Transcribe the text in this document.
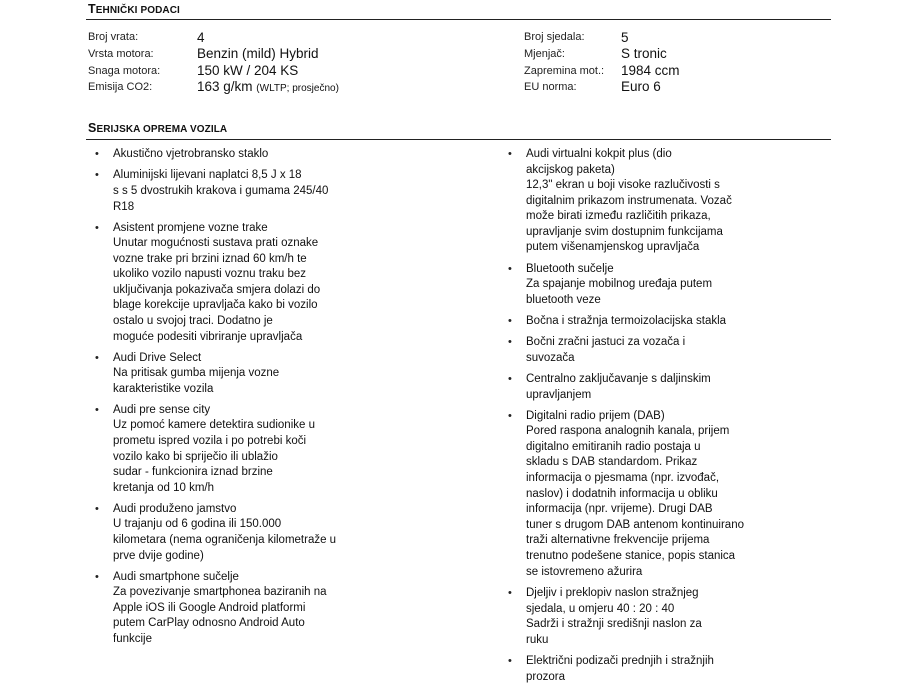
TEHNIČKI PODACI
Broj vrata:
Vrsta motora:
Snaga motora:
Emisija CO2:
4
Benzin (mild) Hybrid
150 kW / 204 KS
163 g/km (WLTP; prosječno)
Broj sjedala:
Mjenjač:
Zapremina mot.:
EU norma:
5
S tronic
1984 ccm
Euro 6
SERIJSKA OPREMA VOZILA
• Akustično vjetrobransko staklo
• Aluminijski lijevani naplatci 8,5 J x 18
s s 5 dvostrukih krakova i gumama 245/40
R18
• Asistent promjene vozne trake
Unutar mogućnosti sustava prati oznake
vozne trake pri brzini iznad 60 km/h te
ukoliko vozilo napusti voznu traku bez
uključivanja pokazivača smjera dolazi do
blage korekcije upravljača kako bi vozilo
ostalo u svojoj traci. Dodatno je
moguće podesiti vibriranje upravljača
• Audi Drive Select
Na pritisak gumba mijenja vozne
karakteristike vozila
• Audi pre sense city
Uz pomoć kamere detektira sudionike u
prometu ispred vozila i po potrebi koči
vozilo kako bi spriječio ili ublažio
sudar - funkcionira iznad brzine
kretanja od 10 km/h
• Audi produženo jamstvo
U trajanju od 6 godina ili 150.000
kilometara (nema ograničenja kilometraže u
prve dvije godine)
• Audi smartphone sučelje
Za povezivanje smartphonea baziranih na
Apple iOS ili Google Android platformi
putem CarPlay odnosno Android Auto
funkcije
• Audi virtualni kokpit plus (dio
akcijskog paketa)
12,3" ekran u boji visoke razlučivosti s
digitalnim prikazom instrumenata. Vozač
može birati između različitih prikaza,
upravljanje svim dostupnim funkcijama
putem višenamjenskog upravljača
• Bluetooth sučelje
Za spajanje mobilnog uređaja putem
bluetooth veze
• Bočna i stražnja termoizolacijska stakla
• Bočni zračni jastuci za vozača i
suvozača
• Centralno zaključavanje s daljinskim
upravljanjem
• Digitalni radio prijem (DAB)
Pored raspona analognih kanala, prijem
digitalno emitiranih radio postaja u
skladu s DAB standardom. Prikaz
informacija o pjesmama (npr. izvođač,
naslov) i dodatnih informacija u obliku
informacija (npr. vrijeme). Drugi DAB
tuner s drugom DAB antenom kontinuirano
traži alternativne frekvencije prijema
trenutno podešene stanice, popis stanica
se istovremeno ažurira
• Djeljiv i preklopiv naslon stražnjeg
sjedala, u omjeru 40 : 20 : 40
Sadrži i stražnji središnji naslon za
ruku
• Električni podizači prednjih i stražnjih
prozora
